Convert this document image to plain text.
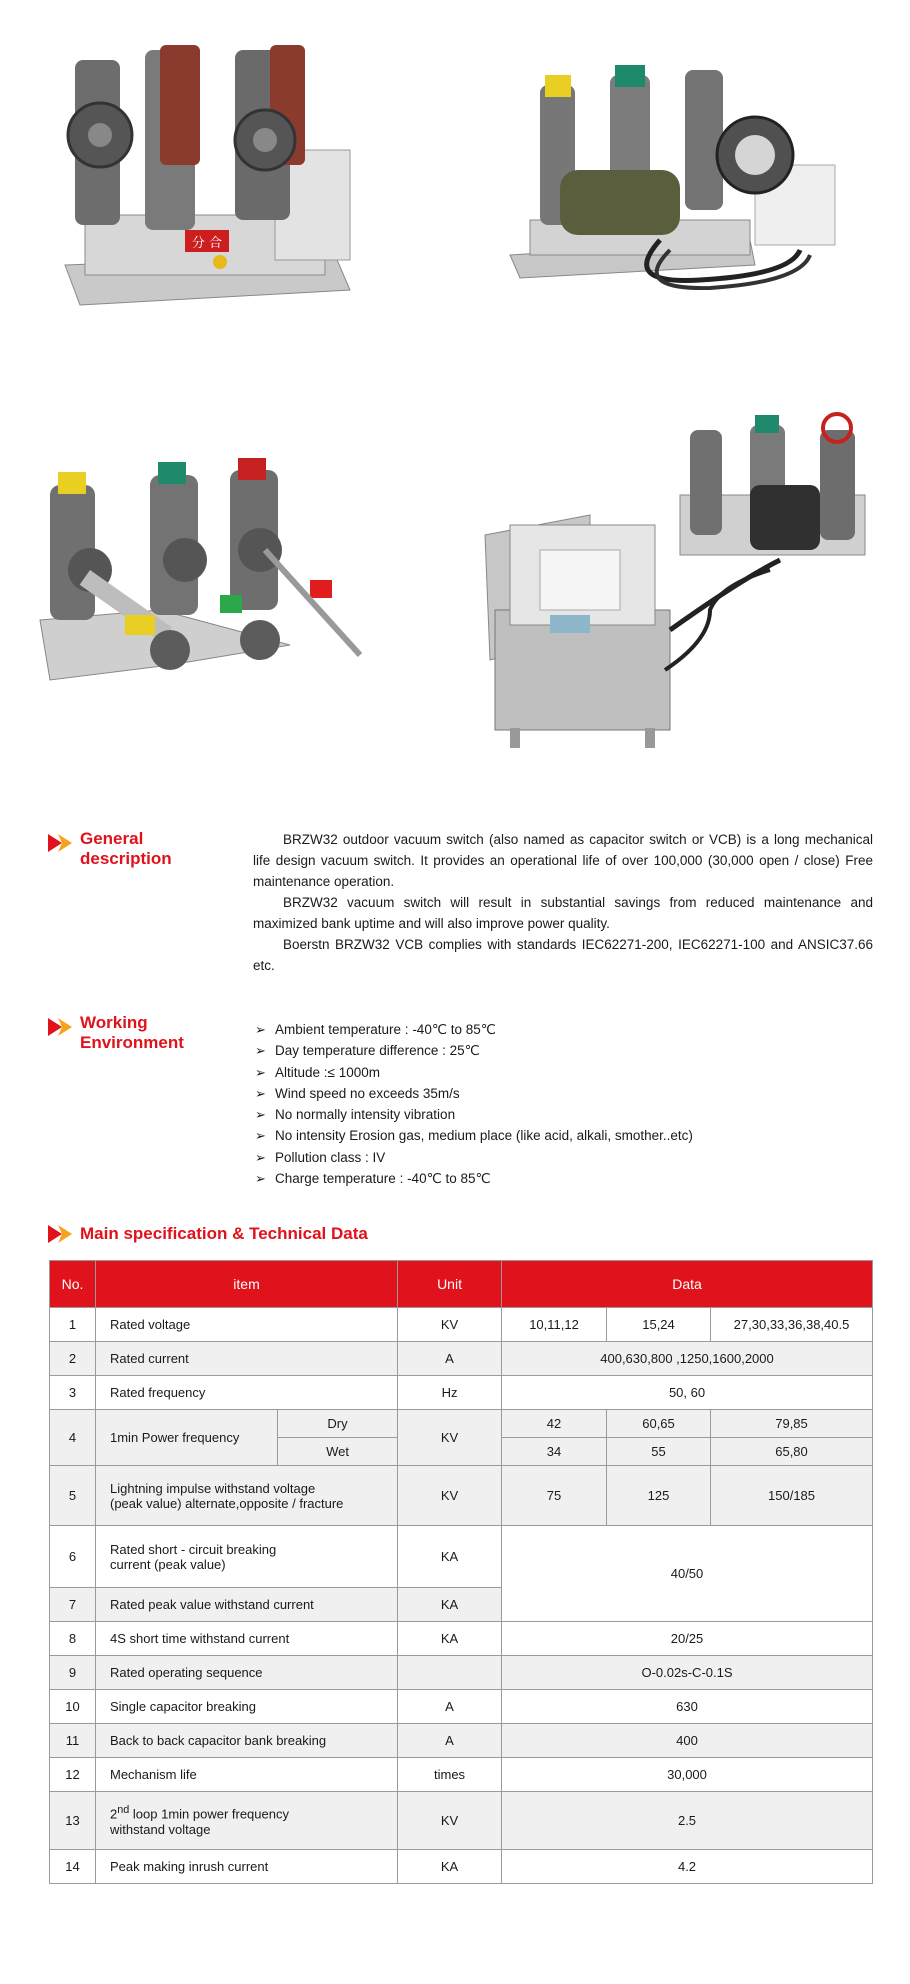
分 合
General
description

BRZW32 outdoor vacuum switch (also named as capacitor switch or VCB) is a long mechanical life design vacuum switch. It provides an operational life of over 100,000 (30,000 open / close) Free maintenance operation.

BRZW32 vacuum switch will result in substantial savings from reduced maintenance and maximized bank uptime and will also improve power quality.

Boerstn BRZW32 VCB complies with standards IEC62271-200, IEC62271-100 and ANSIC37.66 etc.

Working
Environment
➢ Ambient temperature : -40℃ to 85℃
➢ Day temperature difference : 25℃
➢ Altitude :≤ 1000m
➢ Wind speed no exceeds 35m/s
➢ No normally intensity vibration
➢ No intensity Erosion gas, medium place (like acid, alkali, smother..etc)
➢ Pollution class : IV
➢ Charge temperature : -40℃ to 85℃
Main specification & Technical Data
No.	item		Unit	Data		
1	Rated voltage		KV	10,11,12	15,24	27,30,33,36,38,40.5
2	Rated current		A	400,630,800 ,1250,1600,2000		
3	Rated frequency		Hz	50, 60		
4	1min Power frequency	Dry	KV	42	60,65	79,85
		Wet		34	55	65,80
5	Lightning impulse withstand voltage
(peak value) alternate,opposite / fracture		KV	75	125	150/185
6	Rated short - circuit breaking
current (peak value)		KA	40/50		
7	Rated peak value withstand current		KA			
8	4S short time withstand current		KA	20/25		
9	Rated operating sequence			O-0.02s-C-0.1S		
10	Single capacitor breaking		A	630		
11	Back to back capacitor bank breaking		A	400		
12	Mechanism life		times	30,000		
13	2nd loop 1min power frequency
withstand voltage		KV	2.5		
14	Peak making inrush current		KA	4.2		
